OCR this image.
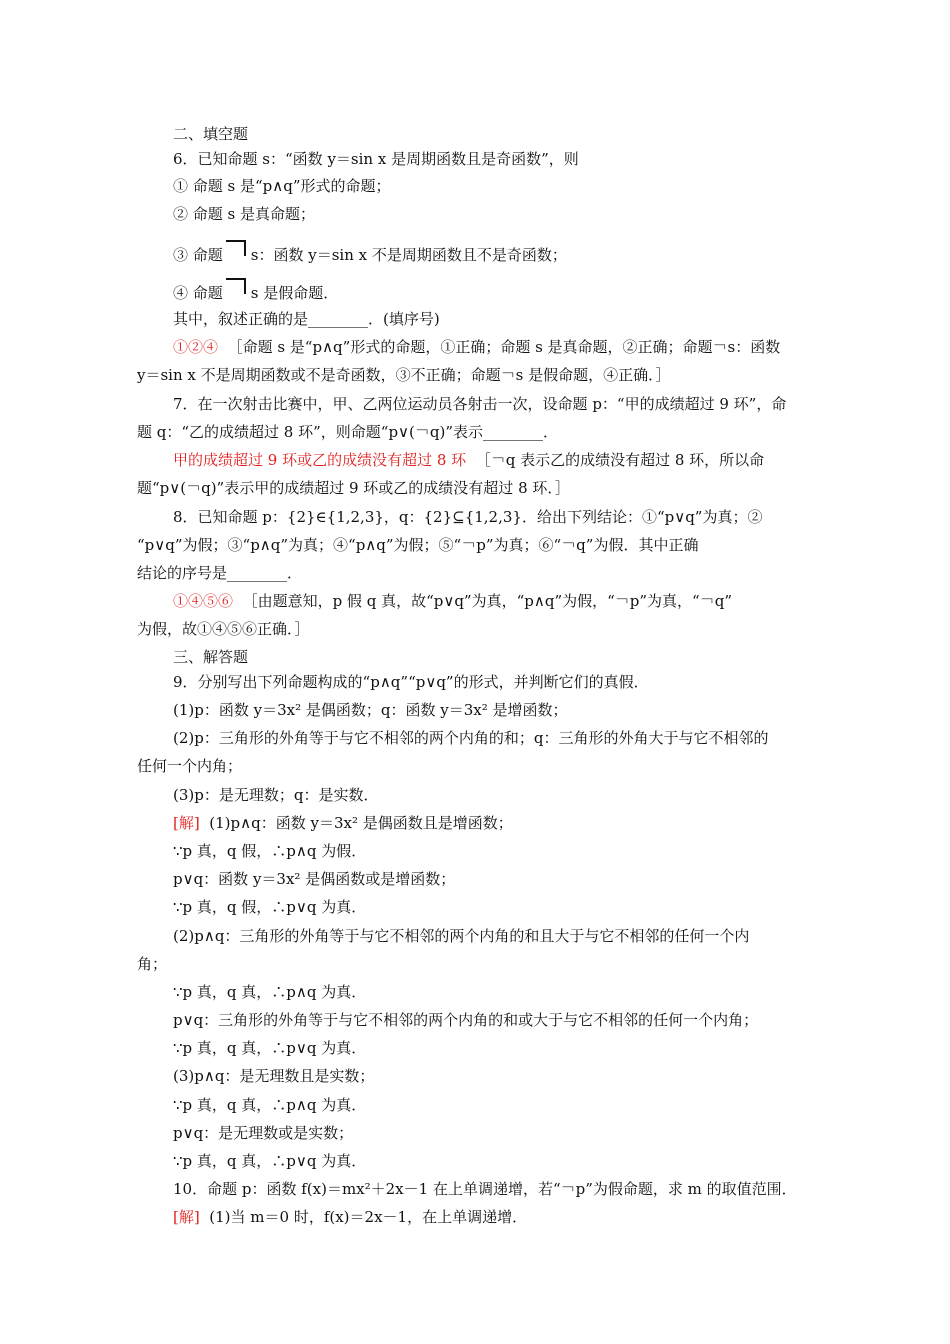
二、填空题
6．已知命题 s：“函数 y＝sin x 是周期函数且是奇函数”，则
① 命题 s 是“p∧q”形式的命题；
② 命题 s 是真命题；
③ 命题 s：函数 y＝sin x 不是周期函数且不是奇函数；
④ 命题 s 是假命题．
其中，叙述正确的是________．(填序号)
①②④ ［命题 s 是“p∧q”形式的命题，①正确；命题 s 是真命题，②正确；命题￢s：函数
y＝sin x 不是周期函数或不是奇函数，③不正确；命题￢s 是假命题，④正确．］
7．在一次射击比赛中，甲、乙两位运动员各射击一次，设命题 p：“甲的成绩超过 9 环”，命
题 q：“乙的成绩超过 8 环”，则命题“p∨(￢q)”表示________．
甲的成绩超过 9 环或乙的成绩没有超过 8 环 ［￢q 表示乙的成绩没有超过 8 环，所以命
题“p∨(￢q)”表示甲的成绩超过 9 环或乙的成绩没有超过 8 环．］
8．已知命题 p：{2}∈{1,2,3}，q：{2}⊆{1,2,3}．给出下列结论：①“p∨q”为真；②
“p∨q”为假；③“p∧q”为真；④“p∧q”为假；⑤“￢p”为真；⑥“￢q”为假．其中正确
结论的序号是________．
①④⑤⑥ ［由题意知，p 假 q 真，故“p∨q”为真，“p∧q”为假，“￢p”为真，“￢q”
为假，故①④⑤⑥正确．］
三、解答题
9．分别写出下列命题构成的“p∧q”“p∨q”的形式，并判断它们的真假．
(1)p：函数 y＝3x² 是偶函数；q：函数 y＝3x² 是增函数；
(2)p：三角形的外角等于与它不相邻的两个内角的和；q：三角形的外角大于与它不相邻的
任何一个内角；
(3)p：是无理数；q：是实数．
[解] (1)p∧q：函数 y＝3x² 是偶函数且是增函数；
∵p 真，q 假，∴p∧q 为假．
p∨q：函数 y＝3x² 是偶函数或是增函数；
∵p 真，q 假，∴p∨q 为真．
(2)p∧q：三角形的外角等于与它不相邻的两个内角的和且大于与它不相邻的任何一个内
角；
∵p 真，q 真，∴p∧q 为真．
p∨q：三角形的外角等于与它不相邻的两个内角的和或大于与它不相邻的任何一个内角；
∵p 真，q 真，∴p∨q 为真．
(3)p∧q：是无理数且是实数；
∵p 真，q 真，∴p∧q 为真．
p∨q：是无理数或是实数；
∵p 真，q 真，∴p∨q 为真．
10．命题 p：函数 f(x)＝mx²＋2x－1 在上单调递增，若“￢p”为假命题，求 m 的取值范围．
[解] (1)当 m＝0 时，f(x)＝2x－1，在上单调递增．
